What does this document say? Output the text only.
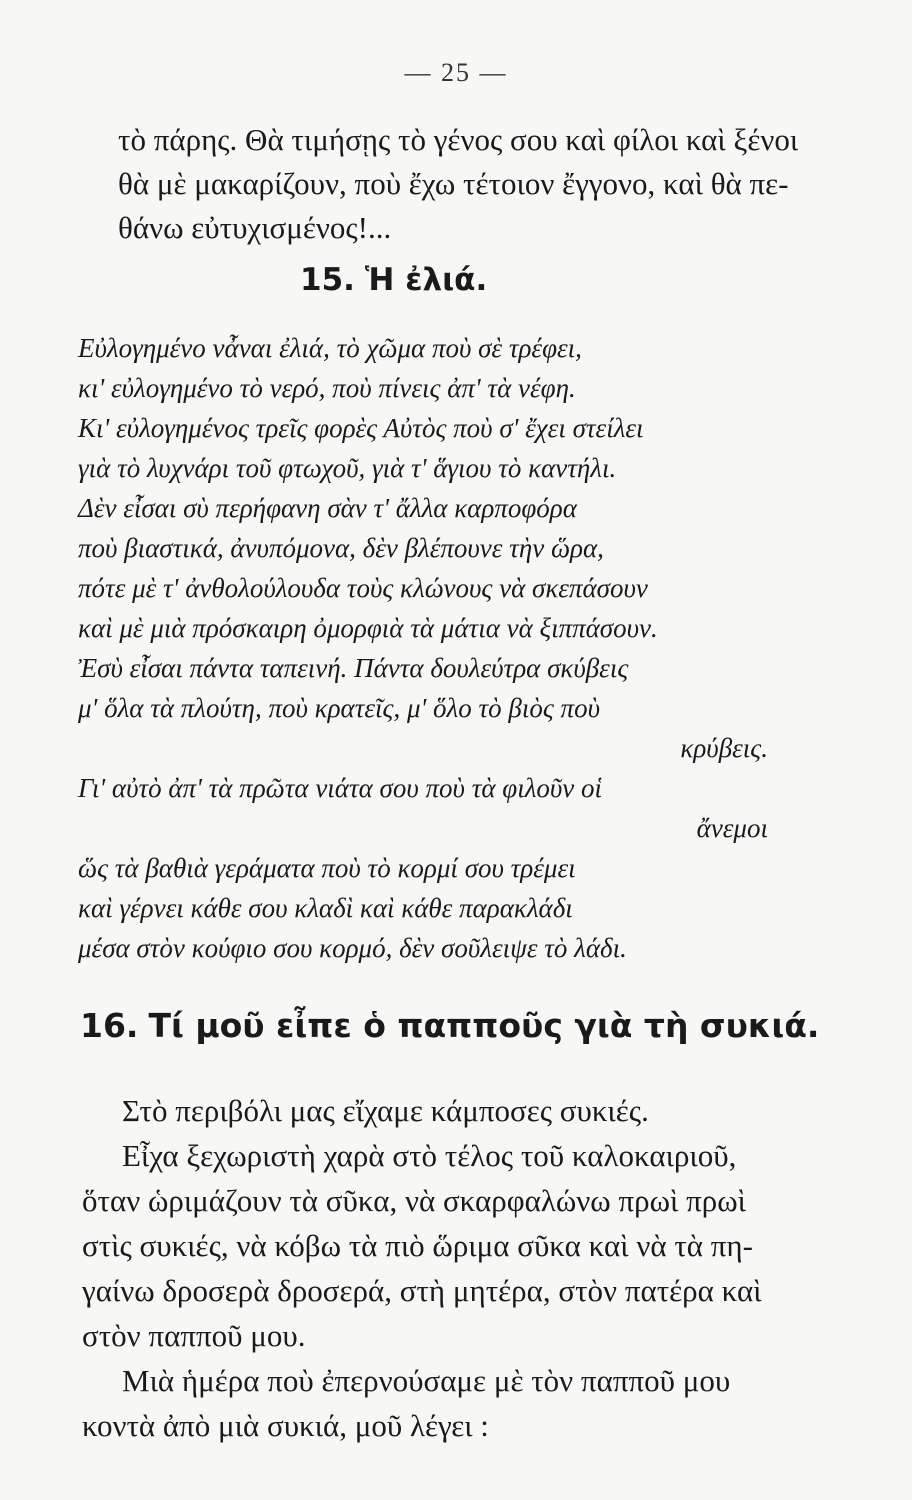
— 25 —

τὸ πάρης. Θὰ τιμήσῃς τὸ γένος σου καὶ φίλοι καὶ ξένοι

θὰ μὲ μακαρίζουν, ποὺ ἔχω τέτοιον ἔγγονο, καὶ θὰ πε-

θάνω εὐτυχισμένος!...

15. Ἡ ἐλιά.

Εὐλογημένο νἆναι ἐλιά, τὸ χῶμα ποὺ σὲ τρέφει,

κι' εὐλογημένο τὸ νερό, ποὺ πίνεις ἀπ' τὰ νέφη.

Κι' εὐλογημένος τρεῖς φορὲς Αὐτὸς ποὺ σ' ἔχει στείλει

γιὰ τὸ λυχνάρι τοῦ φτωχοῦ, γιὰ τ' ἅγιου τὸ καντήλι.

Δὲν εἶσαι σὺ περήφανη σὰν τ' ἄλλα καρποφόρα

ποὺ βιαστικά, ἀνυπόμονα, δὲν βλέπουνε τὴν ὥρα,

πότε μὲ τ' ἀνθολούλουδα τοὺς κλώνους νὰ σκεπάσουν

καὶ μὲ μιὰ πρόσκαιρη ὀμορφιὰ τὰ μάτια νὰ ξιππάσουν.

Ἐσὺ εἶσαι πάντα ταπεινή. Πάντα δουλεύτρα σκύβεις

μ' ὅλα τὰ πλούτη, ποὺ κρατεῖς, μ' ὅλο τὸ βιὸς ποὺ

κρύβεις.

Γι' αὐτὸ ἀπ' τὰ πρῶτα νιάτα σου ποὺ τὰ φιλοῦν οἱ

ἄνεμοι

ὥς τὰ βαθιὰ γεράματα ποὺ τὸ κορμί σου τρέμει

καὶ γέρνει κάθε σου κλαδὶ καὶ κάθε παρακλάδι

μέσα στὸν κούφιο σου κορμό, δὲν σοῦλειψε τὸ λάδι.

16. Τί μοῦ εἶπε ὁ παπποῦς γιὰ τὴ συκιά.

Στὸ περιβόλι μας εἴχαμε κάμποσες συκιές.

Εἶχα ξεχωριστὴ χαρὰ στὸ τέλος τοῦ καλοκαιριοῦ,

ὅταν ὡριμάζουν τὰ σῦκα, νὰ σκαρφαλώνω πρωὶ πρωὶ

στὶς συκιές, νὰ κόβω τὰ πιὸ ὥριμα σῦκα καὶ νὰ τὰ πη-

γαίνω δροσερὰ δροσερά, στὴ μητέρα, στὸν πατέρα καὶ

στὸν παπποῦ μου.

Μιὰ ἡμέρα ποὺ ἐπερνούσαμε μὲ τὸν παπποῦ μου

κοντὰ ἀπὸ μιὰ συκιά, μοῦ λέγει :
